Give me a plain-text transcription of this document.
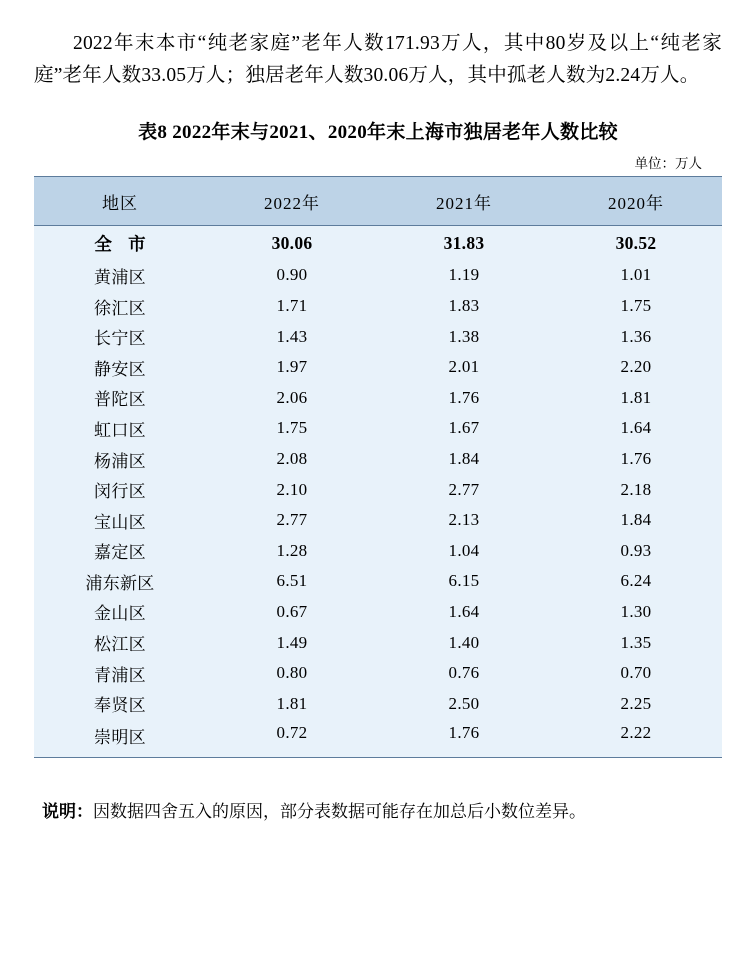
2022年末本市“纯老家庭”老年人数171.93万人，其中80岁及以上“纯老家庭”老年人数33.05万人；独居老年人数30.06万人，其中孤老人数为2.24万人。

表8 2022年末与2021、2020年末上海市独居老年人数比较
单位：万人
地区	2022年	2021年	2020年
全 市	30.06	31.83	30.52
黄浦区	0.90	1.19	1.01
徐汇区	1.71	1.83	1.75
长宁区	1.43	1.38	1.36
静安区	1.97	2.01	2.20
普陀区	2.06	1.76	1.81
虹口区	1.75	1.67	1.64
杨浦区	2.08	1.84	1.76
闵行区	2.10	2.77	2.18
宝山区	2.77	2.13	1.84
嘉定区	1.28	1.04	0.93
浦东新区	6.51	6.15	6.24
金山区	0.67	1.64	1.30
松江区	1.49	1.40	1.35
青浦区	0.80	0.76	0.70
奉贤区	1.81	2.50	2.25
崇明区	0.72	1.76	2.22

说明：因数据四舍五入的原因，部分表数据可能存在加总后小数位差异。
